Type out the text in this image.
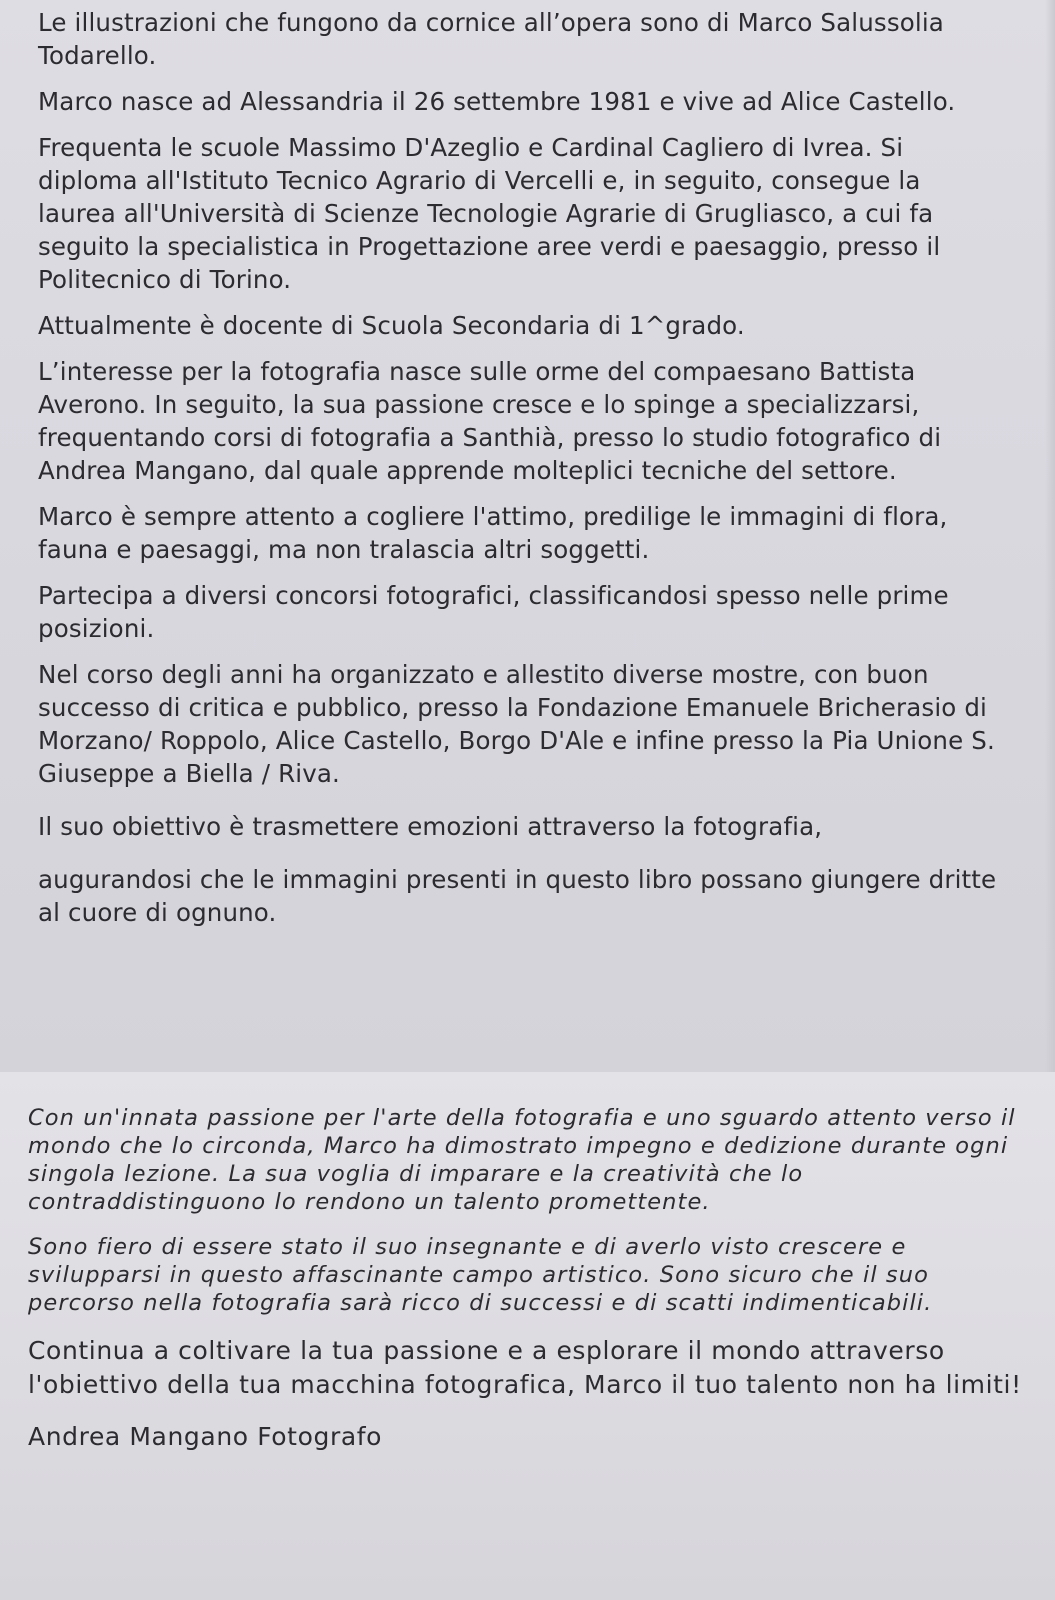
Le illustrazioni che fungono da cornice all’opera sono di Marco Salussolia Todarello.

Marco nasce ad Alessandria il 26 settembre 1981 e vive ad Alice Castello.

Frequenta le scuole Massimo D'Azeglio e Cardinal Cagliero di Ivrea. Si diploma all'Istituto Tecnico Agrario di Vercelli e, in seguito, consegue la laurea all'Università di Scienze Tecnologie Agrarie di Grugliasco, a cui fa seguito la specialistica in Progettazione aree verdi e paesaggio, presso il Politecnico di Torino.

Attualmente è docente di Scuola Secondaria di 1^grado.

L’interesse per la fotografia nasce sulle orme del compaesano Battista Averono. In seguito, la sua passione cresce e lo spinge a specializzarsi, frequentando corsi di fotografia a Santhià, presso lo studio fotografico di Andrea Mangano, dal quale apprende molteplici tecniche del settore.

Marco è sempre attento a cogliere l'attimo, predilige le immagini di flora, fauna e paesaggi, ma non tralascia altri soggetti.

Partecipa a diversi concorsi fotografici, classificandosi spesso nelle prime posizioni.

Nel corso degli anni ha organizzato e allestito diverse mostre, con buon successo di critica e pubblico, presso la Fondazione Emanuele Bricherasio di Morzano/ Roppolo, Alice Castello, Borgo D'Ale e infine presso la Pia Unione S. Giuseppe a Biella / Riva.

Il suo obiettivo è trasmettere emozioni attraverso la fotografia,

augurandosi che le immagini presenti in questo libro possano giungere dritte al cuore di ognuno.

Con un'innata passione per l'arte della fotografia e uno sguardo attento verso il mondo che lo circonda, Marco ha dimostrato impegno e dedizione durante ogni singola lezione. La sua voglia di imparare e la creatività che lo contraddistinguono lo rendono un talento promettente.

Sono fiero di essere stato il suo insegnante e di averlo visto crescere e svilupparsi in questo affascinante campo artistico. Sono sicuro che il suo percorso nella fotografia sarà ricco di successi e di scatti indimenticabili.

Continua a coltivare la tua passione e a esplorare il mondo attraverso l'obiettivo della tua macchina fotografica, Marco il tuo talento non ha limiti!

Andrea Mangano Fotografo
